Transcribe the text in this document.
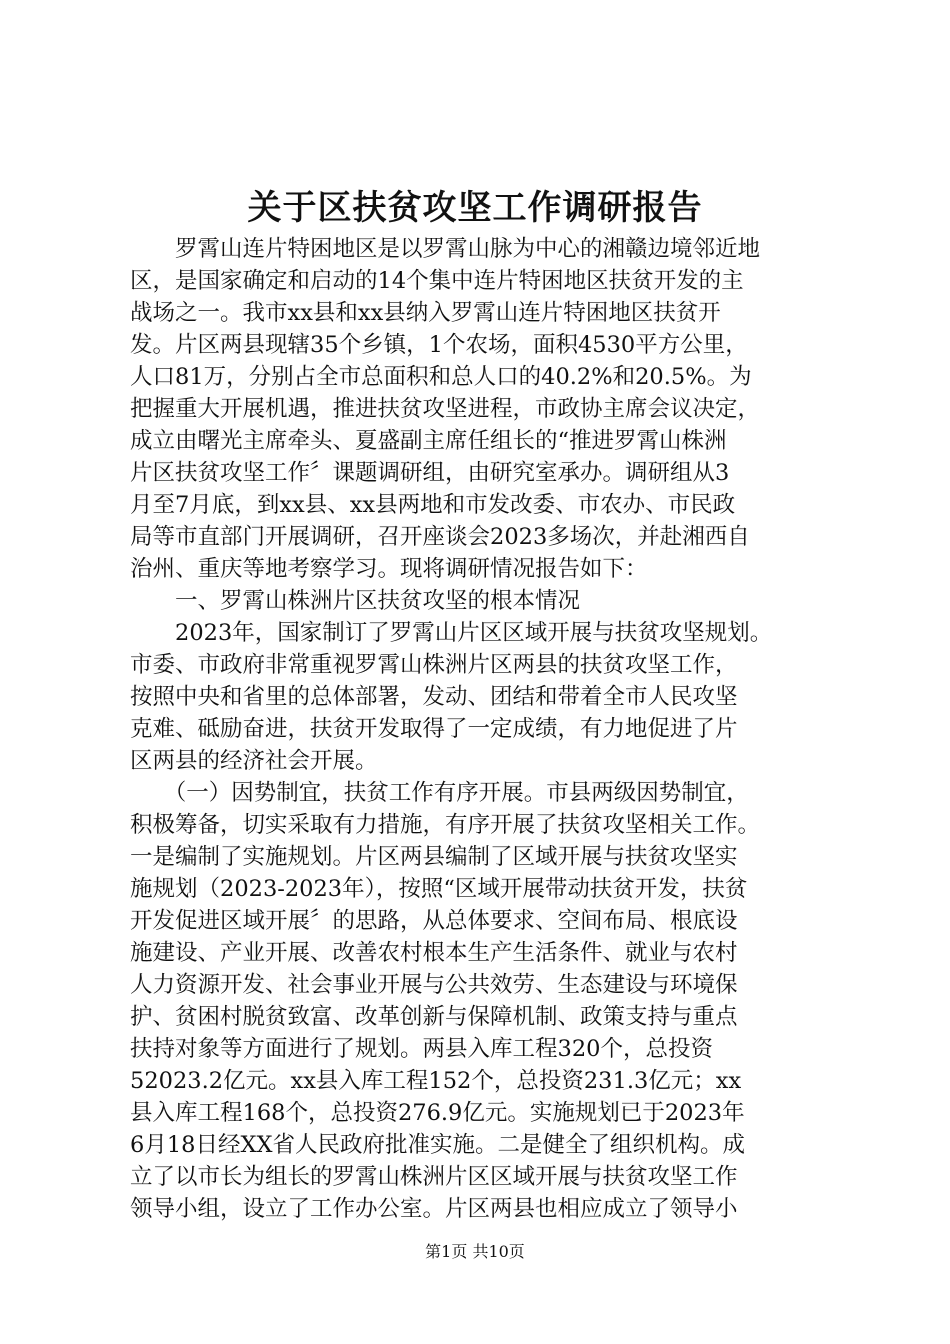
关于区扶贫攻坚工作调研报告
　　罗霄山连片特困地区是以罗霄山脉为中心的湘赣边境邻近地
区，是国家确定和启动的14个集中连片特困地区扶贫开发的主
战场之一。我市xx县和xx县纳入罗霄山连片特困地区扶贫开
发。片区两县现辖35个乡镇，1个农场，面积4530平方公里，
人口81万，分别占全市总面积和总人口的40.2%和20.5%。为
把握重大开展机遇，推进扶贫攻坚进程，市政协主席会议决定，
成立由曙光主席牵头、夏盛副主席任组长的“推进罗霄山株洲
片区扶贫攻坚工作〞课题调研组，由研究室承办。调研组从3
月至7月底，到xx县、xx县两地和市发改委、市农办、市民政
局等市直部门开展调研，召开座谈会2023多场次，并赴湘西自
治州、重庆等地考察学习。现将调研情况报告如下：
　　一、罗霄山株洲片区扶贫攻坚的根本情况
　　2023年，国家制订了罗霄山片区区域开展与扶贫攻坚规划。
市委、市政府非常重视罗霄山株洲片区两县的扶贫攻坚工作，
按照中央和省里的总体部署，发动、团结和带着全市人民攻坚
克难、砥励奋进，扶贫开发取得了一定成绩，有力地促进了片
区两县的经济社会开展。
　　（一）因势制宜，扶贫工作有序开展。市县两级因势制宜，
积极筹备，切实采取有力措施，有序开展了扶贫攻坚相关工作。
一是编制了实施规划。片区两县编制了区域开展与扶贫攻坚实
施规划（2023-2023年），按照“区域开展带动扶贫开发，扶贫
开发促进区域开展〞的思路，从总体要求、空间布局、根底设
施建设、产业开展、改善农村根本生产生活条件、就业与农村
人力资源开发、社会事业开展与公共效劳、生态建设与环境保
护、贫困村脱贫致富、改革创新与保障机制、政策支持与重点
扶持对象等方面进行了规划。两县入库工程320个，总投资
52023.2亿元。xx县入库工程152个，总投资231.3亿元；xx
县入库工程168个，总投资276.9亿元。实施规划已于2023年
6月18日经XX省人民政府批准实施。二是健全了组织机构。成
立了以市长为组长的罗霄山株洲片区区域开展与扶贫攻坚工作
领导小组，设立了工作办公室。片区两县也相应成立了领导小
第1页 共10页
